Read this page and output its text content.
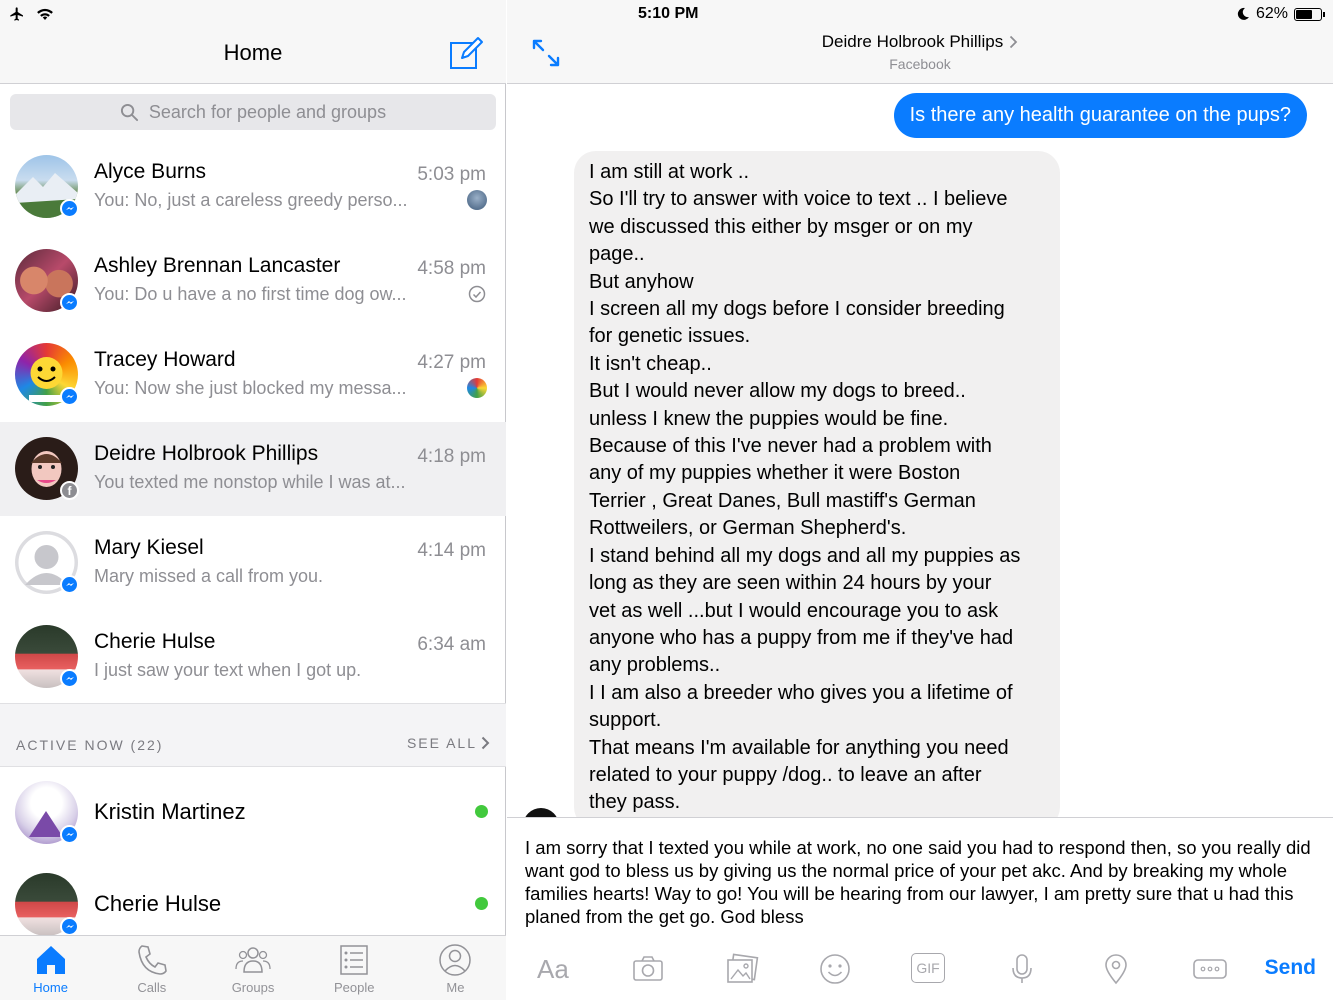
Home
Search for people and groups
Alyce Burns	5:03 pm
You: No, just a careless greedy perso...
Ashley Brennan Lancaster	4:58 pm
You: Do u have a no first time dog ow...
Tracey Howard	4:27 pm
You: Now she just blocked my messa...
f
Deidre Holbrook Phillips	4:18 pm
You texted me nonstop while I was at...
Mary Kiesel	4:14 pm
Mary missed a call from you.
Cherie Hulse	6:34 am
I just saw your text when I got up.
ACTIVE NOW (22)	SEE ALL
Kristin Martinez
Cherie Hulse
Home	Calls	Groups	People	Me
5:10 PM	62%
Deidre Holbrook Phillips
Facebook
Is there any health guarantee on the pups?
I am still at work ..
So I'll try to answer with voice to text .. I believe
we discussed this either by msger or on my
page..
But anyhow
I screen all my dogs before I consider breeding
for genetic issues.
It isn't cheap..
But I would never allow my dogs to breed..
unless I knew the puppies would be fine.
Because of this I've never had a problem with
any of my puppies whether it were Boston
Terrier , Great Danes, Bull mastiff's German
Rottweilers, or German Shepherd's.
I stand behind all my dogs and all my puppies as
long as they are seen within 24 hours by your
vet as well ...but I would encourage you to ask
anyone who has a puppy from me if they've had
any problems..
I I am also a breeder who gives you a lifetime of
support.
That means I'm available for anything you need
related to your puppy /dog.. to leave an after
they pass.
I am sorry that I texted you while at work, no one said you had to respond then, so you really did want god to bless us by giving us the normal price of your pet akc. And by breaking my whole families hearts! Way to go! You will be hearing from our lawyer, I am pretty sure that u had this planed from the get go. God bless
Aa	GIF	Send
